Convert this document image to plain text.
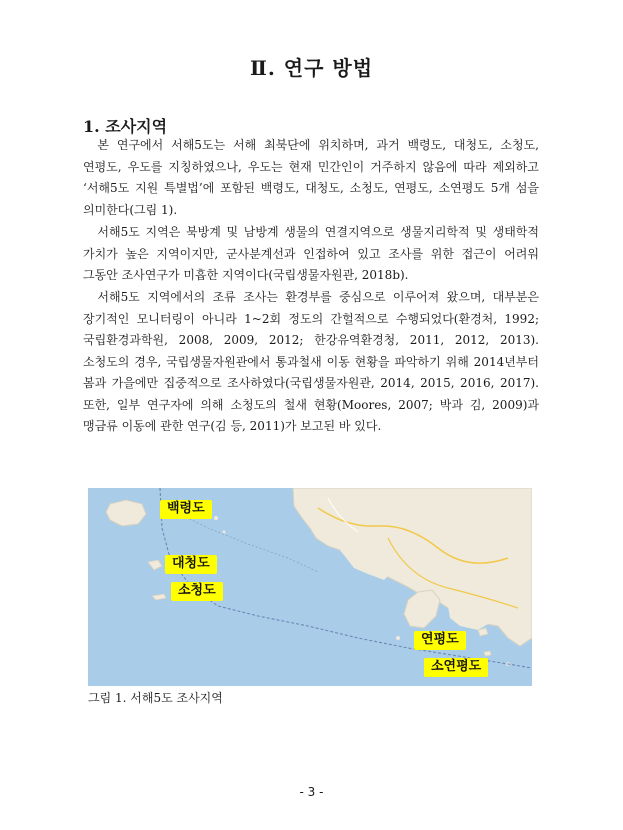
Ⅱ. 연구 방법
1. 조사지역

본 연구에서 서해5도는 서해 최북단에 위치하며, 과거 백령도, 대청도, 소청도, 연평도, 우도를 지칭하였으나, 우도는 현재 민간인이 거주하지 않음에 따라 제외하고 ‘서해5도 지원 특별법’에 포함된 백령도, 대청도, 소청도, 연평도, 소연평도 5개 섬을 의미한다(그림 1).

서해5도 지역은 북방계 및 남방계 생물의 연결지역으로 생물지리학적 및 생태학적 가치가 높은 지역이지만, 군사분계선과 인접하여 있고 조사를 위한 접근이 어려워 그동안 조사연구가 미흡한 지역이다(국립생물자원관, 2018b).

서해5도 지역에서의 조류 조사는 환경부를 중심으로 이루어져 왔으며, 대부분은 장기적인 모니터링이 아니라 1~2회 정도의 간헐적으로 수행되었다(환경처, 1992; 국립환경과학원, 2008, 2009, 2012; 한강유역환경청, 2011, 2012, 2013). 소청도의 경우, 국립생물자원관에서 통과철새 이동 현황을 파악하기 위해 2014년부터 봄과 가을에만 집중적으로 조사하였다(국립생물자원관, 2014, 2015, 2016, 2017). 또한, 일부 연구자에 의해 소청도의 철새 현황(Moores, 2007; 박과 김, 2009)과 맹금류 이동에 관한 연구(김 등, 2011)가 보고된 바 있다.

백령도
대청도
소청도
연평도
소연평도
그림 1. 서해5도 조사지역
- 3 -
